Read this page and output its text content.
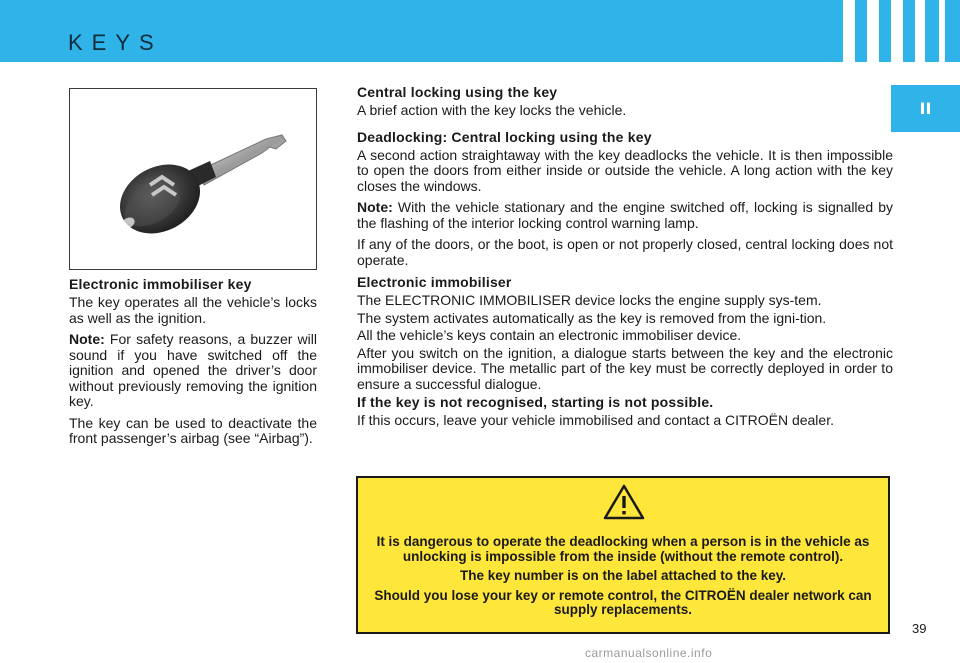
KEYS
II
Electronic immobiliser key

The key operates all the vehicle’s locks as well as the ignition.

Note: For safety reasons, a buzzer will sound if you have switched off the ignition and opened the driver’s door without previously removing the ignition key.

The key can be used to deactivate the front passenger’s airbag (see “Airbag”).

Central locking using the key

A brief action with the key locks the vehicle.

Deadlocking: Central locking using the key

A second action straightaway with the key deadlocks the vehicle. It is then impossible to open the doors from either inside or outside the vehicle. A long action with the key closes the windows.

Note: With the vehicle stationary and the engine switched off, locking is signalled by the flashing of the interior locking control warning lamp.

If any of the doors, or the boot, is open or not properly closed, central locking does not operate.

Electronic immobiliser

The ELECTRONIC IMMOBILISER device locks the engine supply sys-tem.

The system activates automatically as the key is removed from the igni-tion.

All the vehicle’s keys contain an electronic immobiliser device.

After you switch on the ignition, a dialogue starts between the key and the electronic immobiliser device. The metallic part of the key must be correctly deployed in order to ensure a successful dialogue.

If the key is not recognised, starting is not possible.

If this occurs, leave your vehicle immobilised and contact a CITROËN dealer.

It is dangerous to operate the deadlocking when a person is in the vehicle as unlocking is impossible from the inside (without the remote control).

The key number is on the label attached to the key.

Should you lose your key or remote control, the CITROËN dealer network can supply replacements.

39
carmanualsonline.info
